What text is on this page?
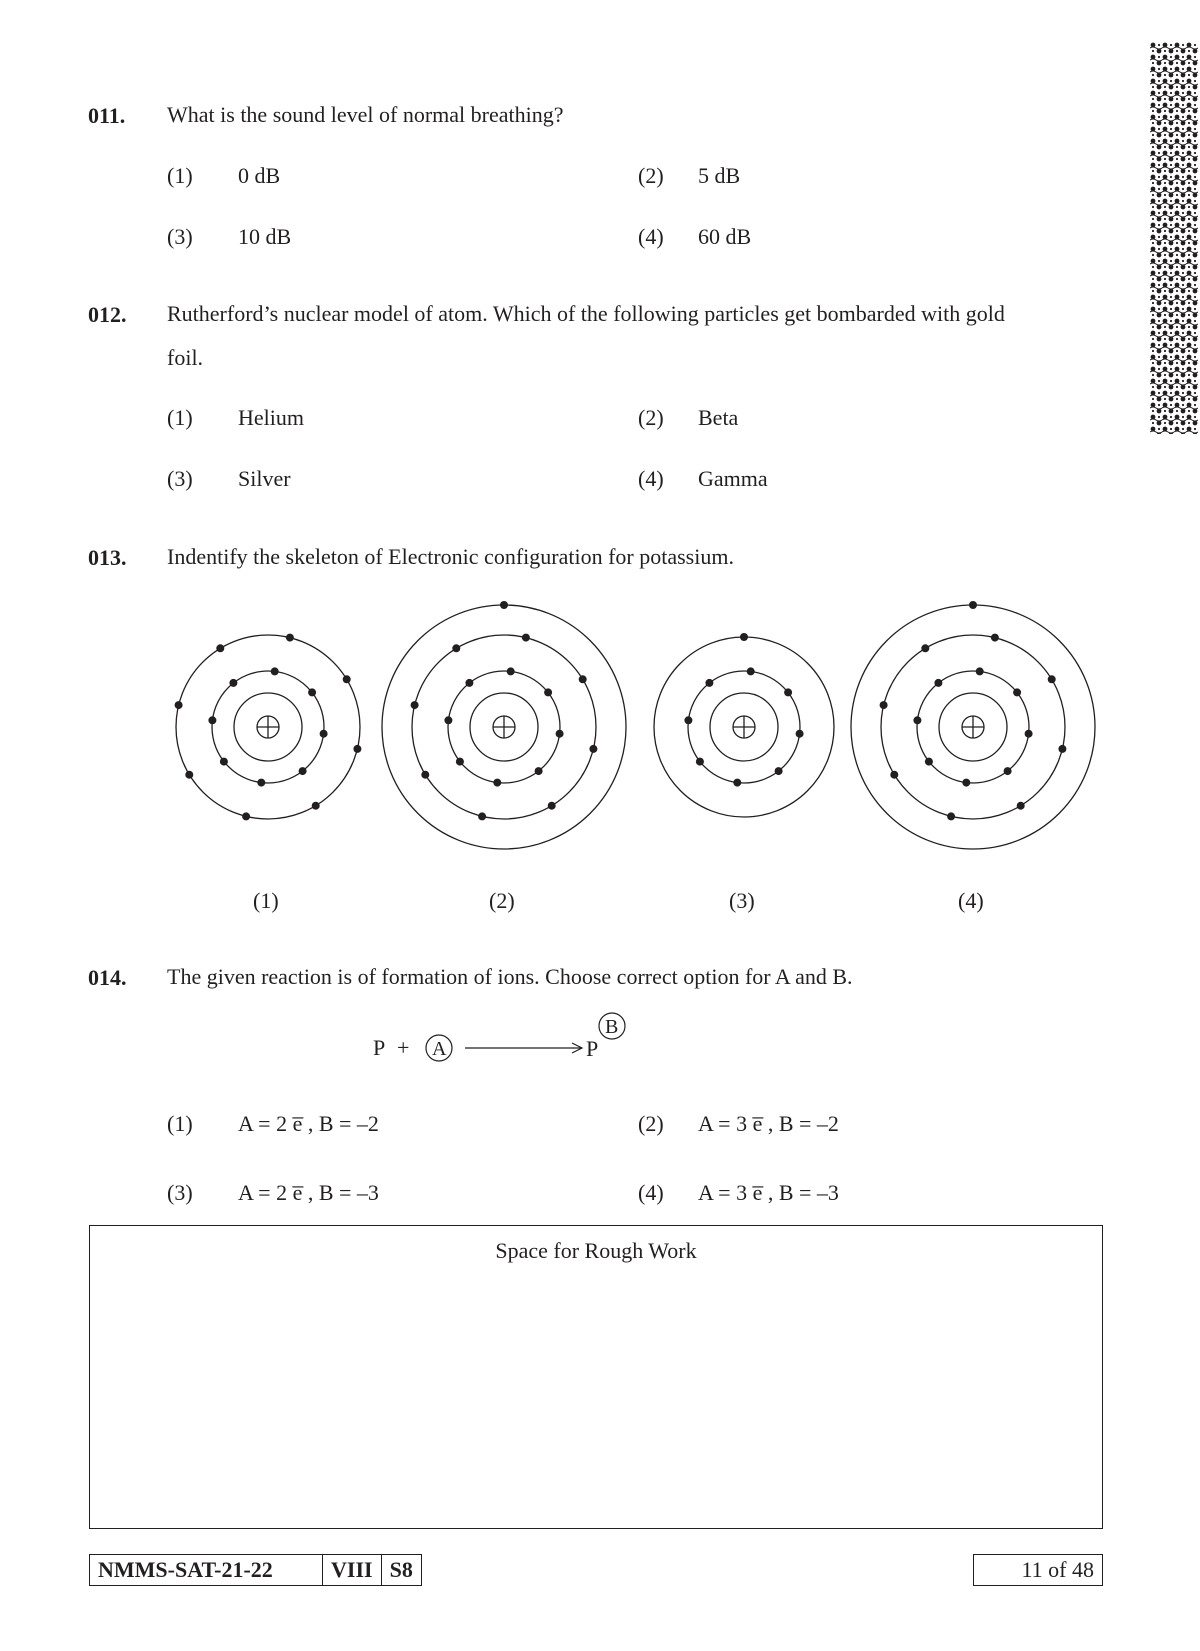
011. What is the sound level of normal breathing?
(1) 0 dB	(2) 5 dB
(3) 10 dB	(4) 60 dB
012. Rutherford’s nuclear model of atom. Which of the following particles get bombarded with gold
foil.
(1) Helium	(2) Beta
(3) Silver	(4) Gamma
013. Indentify the skeleton of Electronic configuration for potassium.
(1)	(2)	(3)	(4)
014. The given reaction is of formation of ions. Choose correct option for A and B.
P + A	P
B
(1) A = 2 e̅ , B = –2	(2) A = 3 e̅ , B = –2
(3) A = 2 e̅ , B = –3	(4) A = 3 e̅ , B = –3
Space for Rough Work
NMMS-SAT-21-22	VIII S8	11 of 48
